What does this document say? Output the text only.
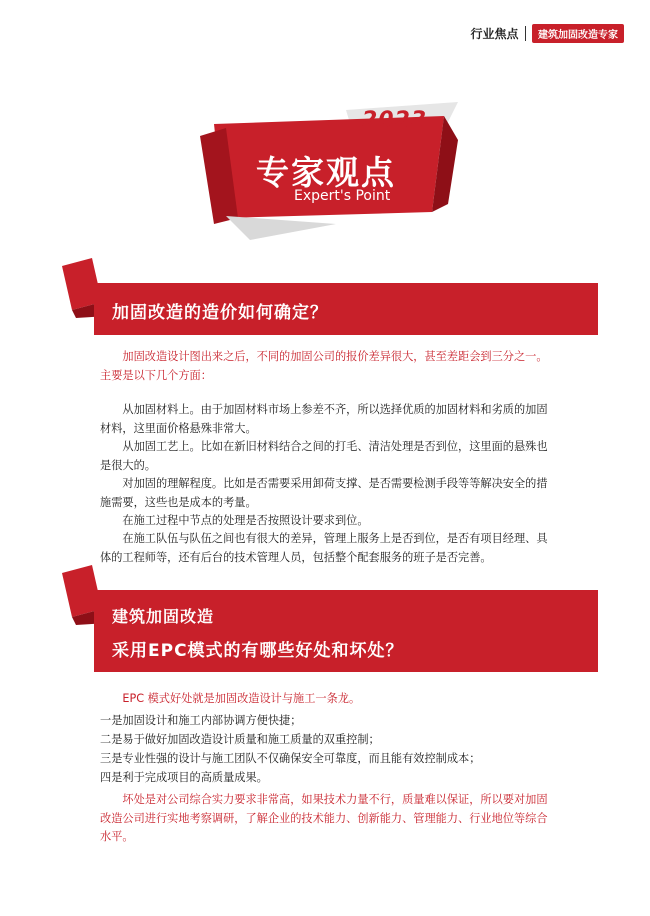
行业焦点	建筑加固改造专家
2023
专家观点
Expert's Point
加固改造的造价如何确定？

加固改造设计图出来之后，不同的加固公司的报价差异很大，甚至差距会到三分之一。主要是以下几个方面：

从加固材料上。由于加固材料市场上参差不齐，所以选择优质的加固材料和劣质的加固材料，这里面价格悬殊非常大。

从加固工艺上。比如在新旧材料结合之间的打毛、清洁处理是否到位，这里面的悬殊也是很大的。

对加固的理解程度。比如是否需要采用卸荷支撑、是否需要检测手段等等解决安全的措施需要，这些也是成本的考量。

在施工过程中节点的处理是否按照设计要求到位。

在施工队伍与队伍之间也有很大的差异，管理上服务上是否到位，是否有项目经理、具体的工程师等，还有后台的技术管理人员，包括整个配套服务的班子是否完善。

建筑加固改造
采用EPC模式的有哪些好处和坏处？

EPC 模式好处就是加固改造设计与施工一条龙。

一是加固设计和施工内部协调方便快捷；

二是易于做好加固改造设计质量和施工质量的双重控制；

三是专业性强的设计与施工团队不仅确保安全可靠度，而且能有效控制成本；

四是利于完成项目的高质量成果。

坏处是对公司综合实力要求非常高，如果技术力量不行，质量难以保证，所以要对加固改造公司进行实地考察调研，了解企业的技术能力、创新能力、管理能力、行业地位等综合水平。
